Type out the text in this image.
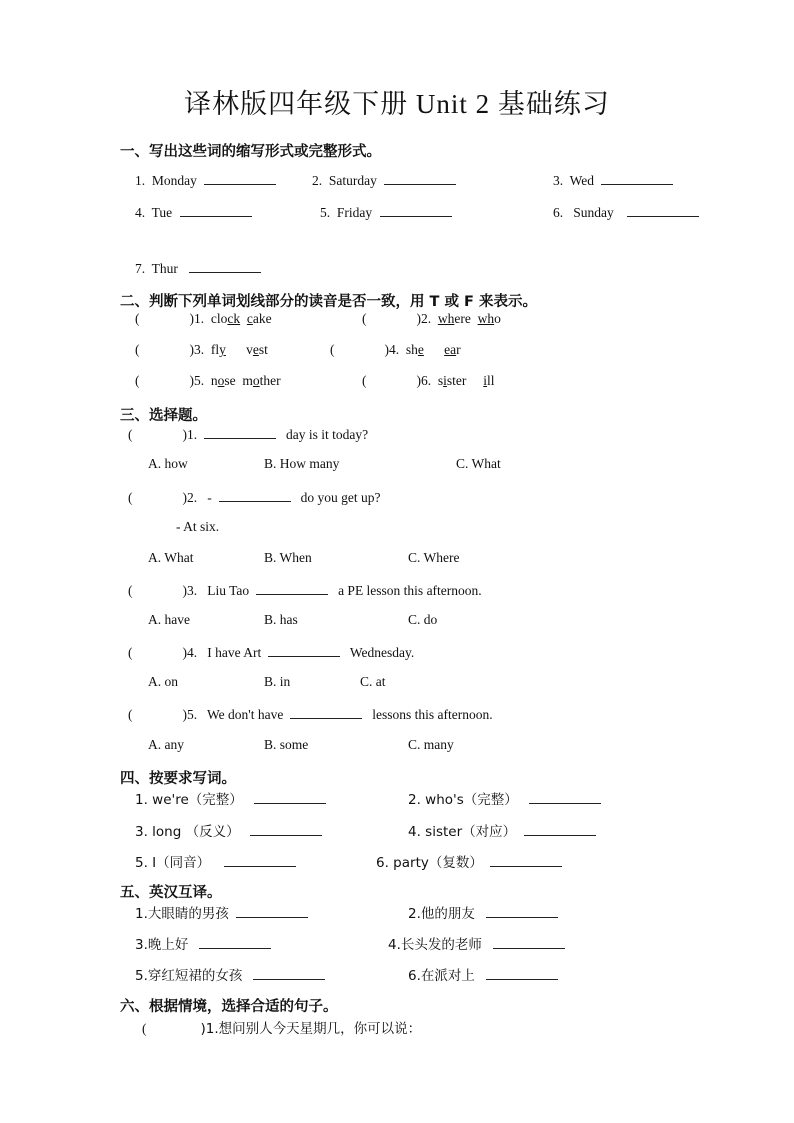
译林版四年级下册 Unit 2 基础练习
一、写出这些词的缩写形式或完整形式。
1. Monday	2. Saturday	3. Wed
4. Tue	5. Friday	6. Sunday
7. Thur
二、判断下列单词划线部分的读音是否一致，用 T 或 F 来表示。
(	)1. clock cake	(	)2. where who
(	)3. fly vest	(	)4. she ear
(	)5. nose mother	(	)6. sister ill
三、选择题。
(	)1.	day is it today?
A. how	B. How many	C. What
(	)2. -	do you get up?
- At six.
A. What	B. When	C. Where
(	)3. Liu Tao	a PE lesson this afternoon.
A. have	B. has	C. do
(	)4. I have Art	Wednesday.
A. on	B. in	C. at
(	)5. We don't have	lessons this afternoon.
A. any	B. some	C. many
四、按要求写词。
1. we're（完整）	2. who's（完整）
3. long （反义）	4. sister（对应）
5. I（同音）	6. party（复数）
五、英汉互译。
1.大眼睛的男孩	2.他的朋友
3.晚上好	4.长头发的老师
5.穿红短裙的女孩	6.在派对上
六、根据情境，选择合适的句子。
(	)1.想问别人今天星期几，你可以说：
